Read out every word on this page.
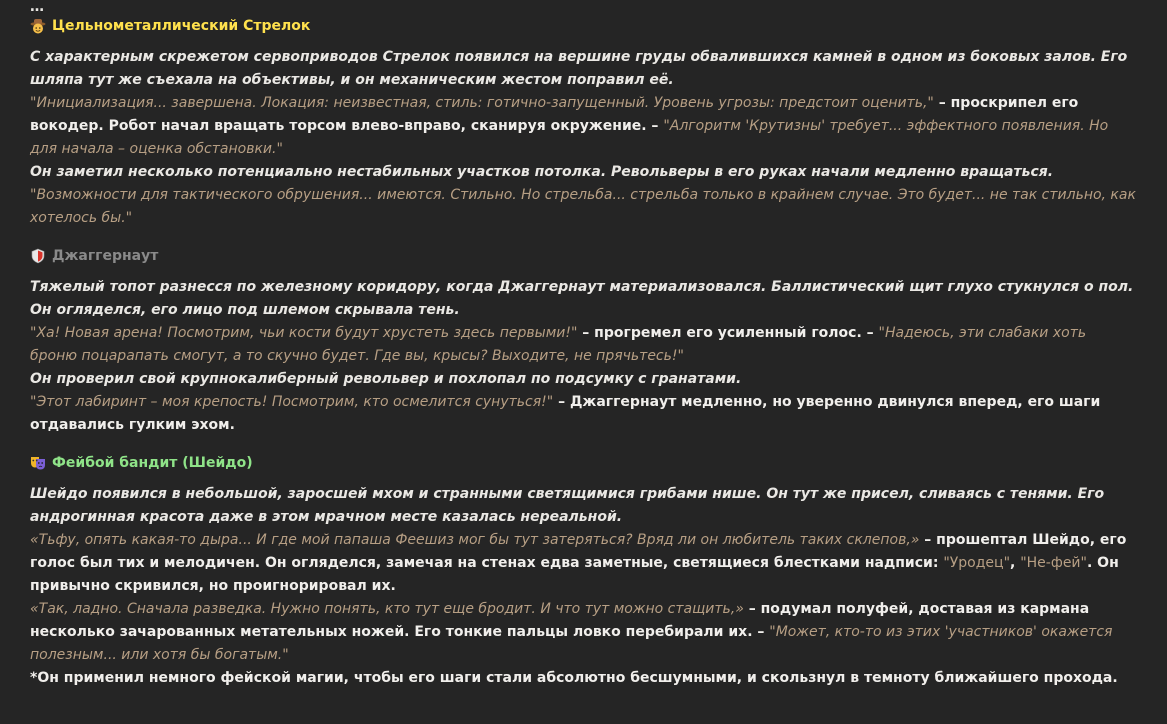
…
Цельнометаллический Стрелок

С характерным скрежетом сервоприводов Стрелок появился на вершине груды обвалившихся камней в одном из боковых залов. Его шляпа тут же съехала на объективы, и он механическим жестом поправил её.

"Инициализация... завершена. Локация: неизвестная, стиль: готично-запущенный. Уровень угрозы: предстоит оценить," – проскрипел его вокодер. Робот начал вращать торсом влево-вправо, сканируя окружение. – "Алгоритм 'Крутизны' требует... эффектного появления. Но для начала – оценка обстановки."

Он заметил несколько потенциально нестабильных участков потолка. Револьверы в его руках начали медленно вращаться.

"Возможности для тактического обрушения... имеются. Стильно. Но стрельба... стрельба только в крайнем случае. Это будет... не так стильно, как хотелось бы."

Джаггернаут

Тяжелый топот разнесся по железному коридору, когда Джаггернаут материализовался. Баллистический щит глухо стукнулся о пол. Он огляделся, его лицо под шлемом скрывала тень.

"Ха! Новая арена! Посмотрим, чьи кости будут хрустеть здесь первыми!" – прогремел его усиленный голос. – "Надеюсь, эти слабаки хоть броню поцарапать смогут, а то скучно будет. Где вы, крысы? Выходите, не прячьтесь!"

Он проверил свой крупнокалиберный револьвер и похлопал по подсумку с гранатами.

"Этот лабиринт – моя крепость! Посмотрим, кто осмелится сунуться!" – Джаггернаут медленно, но уверенно двинулся вперед, его шаги отдавались гулким эхом.

Фейбой бандит (Шейдо)

Шейдо появился в небольшой, заросшей мхом и странными светящимися грибами нише. Он тут же присел, сливаясь с тенями. Его андрогинная красота даже в этом мрачном месте казалась нереальной.

«Тьфу, опять какая-то дыра... И где мой папаша Феешиз мог бы тут затеряться? Вряд ли он любитель таких склепов,» – прошептал Шейдо, его голос был тих и мелодичен. Он огляделся, замечая на стенах едва заметные, светящиеся блестками надписи: "Уродец", "Не-фей". Он привычно скривился, но проигнорировал их.

«Так, ладно. Сначала разведка. Нужно понять, кто тут еще бродит. И что тут можно стащить,» – подумал полуфей, доставая из кармана несколько зачарованных метательных ножей. Его тонкие пальцы ловко перебирали их. – "Может, кто-то из этих 'участников' окажется полезным... или хотя бы богатым."

*Он применил немного фейской магии, чтобы его шаги стали абсолютно бесшумными, и скользнул в темноту ближайшего прохода.
